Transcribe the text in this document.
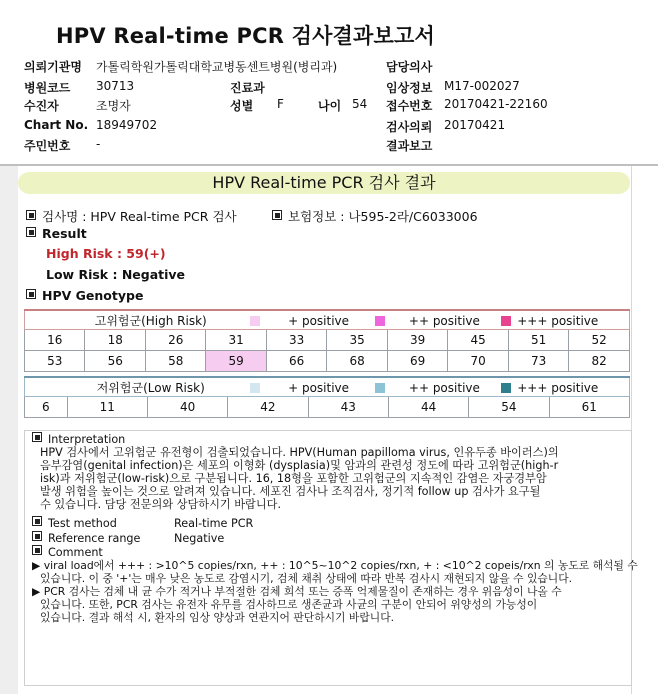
HPV Real-time PCR 검사결과보고서
의뢰기관명 가톨릭학원가톨릭대학교병동센트병원(병리과)
병원코드 30713
수진자	조명자
Chart No. 18949702
주민번호 -
진료과
성별 F	나이 54
담당의사
임상정보 M17-002027
접수번호 20170421-22160
검사의뢰 20170421
결과보고
HPV Real-time PCR 검사 결과
검사명 : HPV Real-time PCR 검사	보험정보 : 나595-2라/C6033006
Result
High Risk : 59(+)
Low Risk : Negative
HPV Genotype
고위험군(High Risk) + positive ++ positive +++ positive									
16	18	26	31	33	35	39	45	51	52
53	56	58	59	66	68	69	70	73	82
저위험군(Low Risk)	+ positive	++ positive	+++ positive
6	11	40	42	43	44	54	61
Interpretation
HPV 검사에서 고위험군 유전형이 검출되었습니다. HPV(Human papilloma virus, 인유두종 바이러스)의
음부감염(genital infection)은 세포의 이형화 (dysplasia)및 암과의 관련성 정도에 따라 고위험군(high-r
isk)과 저위험군(low-risk)으로 구분됩니다. 16, 18형을 포함한 고위험군의 지속적인 감염은 자궁경부암
발생 위험을 높이는 것으로 알려져 있습니다. 세포진 검사나 조직검사, 정기적 follow up 검사가 요구될
수 있습니다. 담당 전문의와 상담하시기 바랍니다.
Test method	Real-time PCR
Reference range	Negative
Comment
▶ viral load에서 +++ : >10^5 copies/rxn, ++ : 10^5~10^2 copies/rxn, + : <10^2 copeis/rxn 의 농도로 해석될 수
있습니다. 이 중 '+'는 매우 낮은 농도로 감염시기, 검체 채취 상태에 따라 반복 검사시 재현되지 않을 수 있습니다.
▶ PCR 검사는 검체 내 균 수가 적거나 부적절한 검체 희석 또는 증폭 억제물질이 존재하는 경우 위음성이 나올 수
있습니다. 또한, PCR 검사는 유전자 유무를 검사하므로 생존균과 사균의 구분이 안되어 위양성의 가능성이
있습니다. 결과 해석 시, 환자의 임상 양상과 연관지어 판단하시기 바랍니다.
